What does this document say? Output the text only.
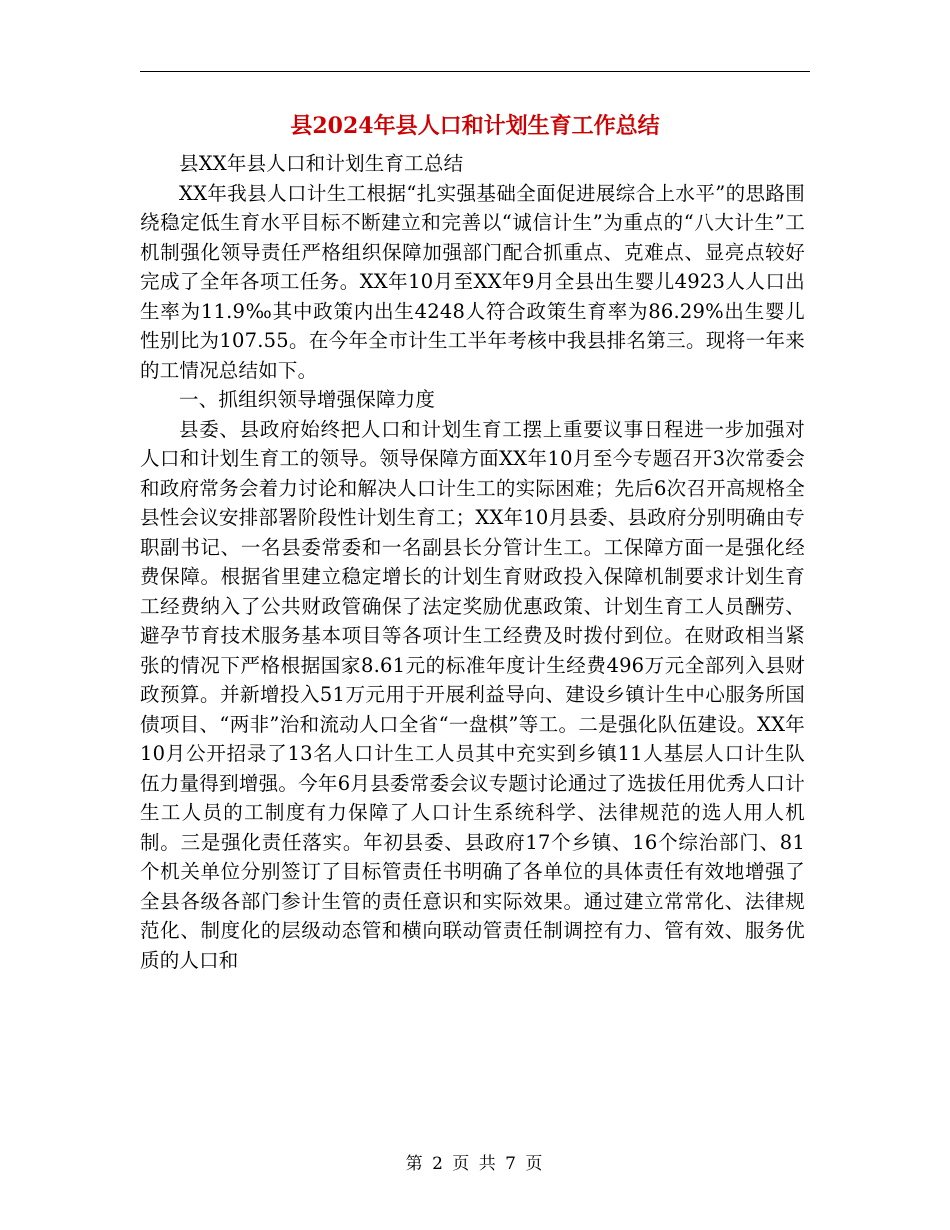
县2024年县人口和计划生育工作总结

县XX年县人口和计划生育工总结

XX年我县人口计生工根据“扎实强基础全面促进展综合上水平”的思路围绕稳定低生育水平目标不断建立和完善以“诚信计生”为重点的“八大计生”工机制强化领导责任严格组织保障加强部门配合抓重点、克难点、显亮点较好完成了全年各项工任务。XX年10月至XX年9月全县出生婴儿4923人人口出生率为11.9‰其中政策内出生4248人符合政策生育率为86.29%出生婴儿性别比为107.55。在今年全市计生工半年考核中我县排名第三。现将一年来的工情况总结如下。

一、抓组织领导增强保障力度

县委、县政府始终把人口和计划生育工摆上重要议事日程进一步加强对人口和计划生育工的领导。领导保障方面XX年10月至今专题召开3次常委会和政府常务会着力讨论和解决人口计生工的实际困难；先后6次召开高规格全县性会议安排部署阶段性计划生育工；XX年10月县委、县政府分别明确由专职副书记、一名县委常委和一名副县长分管计生工。工保障方面一是强化经费保障。根据省里建立稳定增长的计划生育财政投入保障机制要求计划生育工经费纳入了公共财政管确保了法定奖励优惠政策、计划生育工人员酬劳、避孕节育技术服务基本项目等各项计生工经费及时拨付到位。在财政相当紧张的情况下严格根据国家8.61元的标准年度计生经费496万元全部列入县财政预算。并新增投入51万元用于开展利益导向、建设乡镇计生中心服务所国债项目、“两非”治和流动人口全省“一盘棋”等工。二是强化队伍建设。XX年10月公开招录了13名人口计生工人员其中充实到乡镇11人基层人口计生队伍力量得到增强。今年6月县委常委会议专题讨论通过了选拔任用优秀人口计生工人员的工制度有力保障了人口计生系统科学、法律规范的选人用人机制。三是强化责任落实。年初县委、县政府17个乡镇、16个综治部门、81个机关单位分别签订了目标管责任书明确了各单位的具体责任有效地增强了全县各级各部门参计生管的责任意识和实际效果。通过建立常常化、法律规范化、制度化的层级动态管和横向联动管责任制调控有力、管有效、服务优质的人口和

第 2 页 共 7 页
